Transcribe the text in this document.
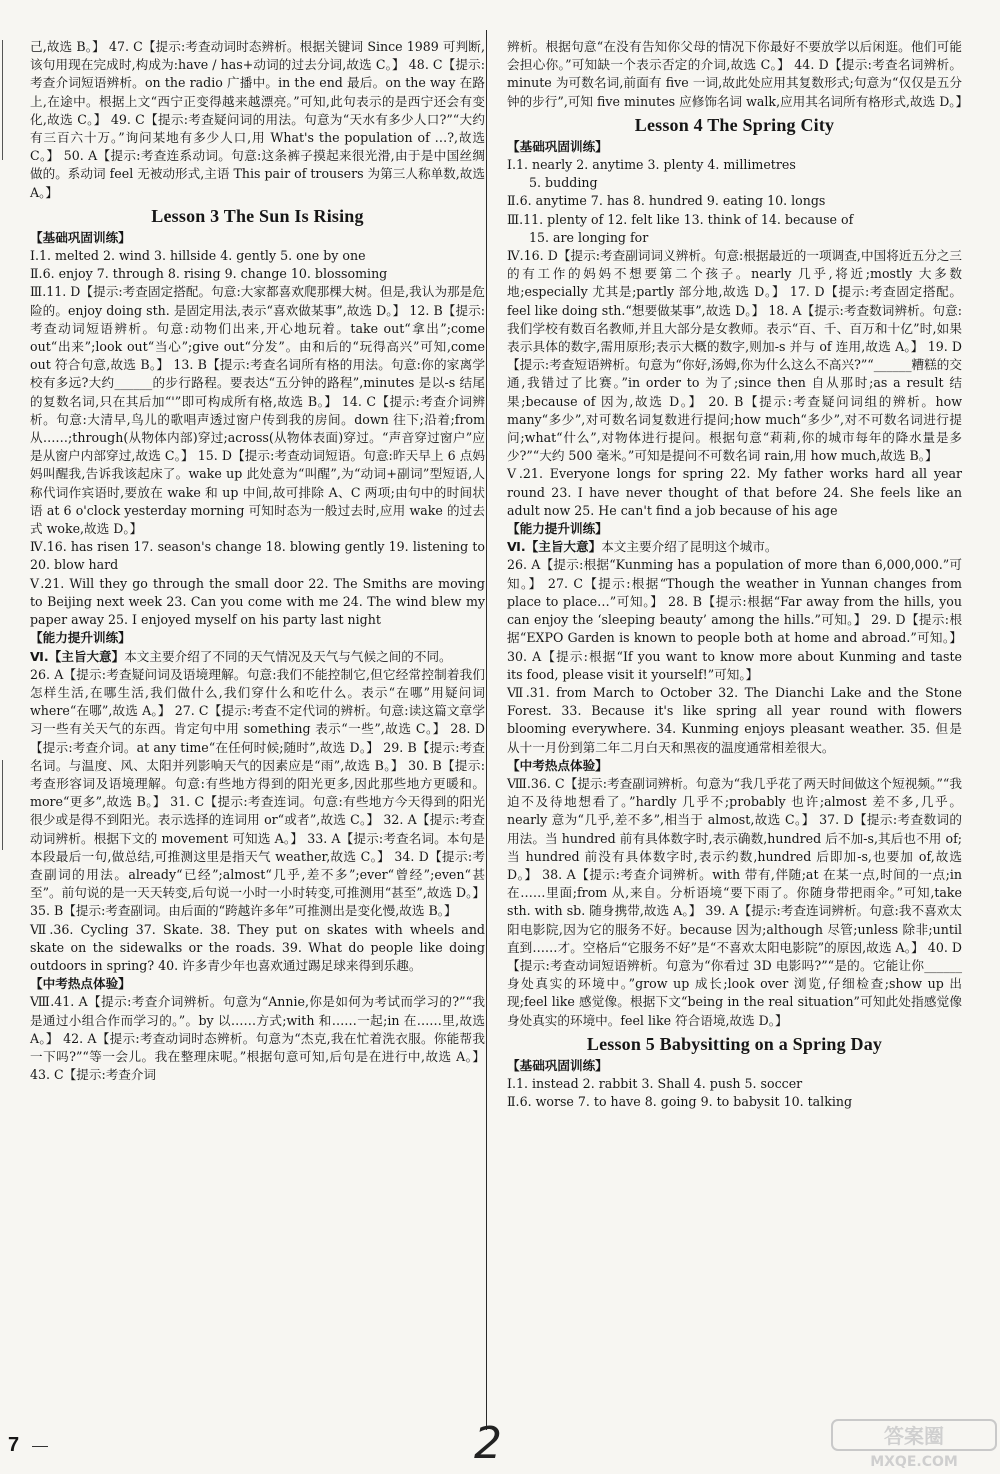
己,故选 B。】 47. C【提示:考查动词时态辨析。根据关键词 Since 1989 可判断,该句用现在完成时,构成为:have / has+动词的过去分词,故选 C。】 48. C【提示:考查介词短语辨析。on the radio 广播中。in the end 最后。on the way 在路上,在途中。根据上文“西宁正变得越来越漂亮。”可知,此句表示的是西宁还会有变化,故选 C。】 49. C【提示:考查疑问词的用法。句意为“天水有多少人口?”“大约有三百六十万。”询问某地有多少人口,用 What's the population of …?,故选 C。】 50. A【提示:考查连系动词。句意:这条裤子摸起来很光滑,由于是中国丝绸做的。系动词 feel 无被动形式,主语 This pair of trousers 为第三人称单数,故选 A。】

Lesson 3 The Sun Is Rising

【基础巩固训练】

Ⅰ.1. melted 2. wind 3. hillside 4. gently 5. one by one

Ⅱ.6. enjoy 7. through 8. rising 9. change 10. blossoming

Ⅲ.11. D【提示:考查固定搭配。句意:大家都喜欢爬那棵大树。但是,我认为那是危险的。enjoy doing sth. 是固定用法,表示“喜欢做某事”,故选 D。】 12. B【提示:考查动词短语辨析。句意:动物们出来,开心地玩着。take out“拿出”;come out“出来”;look out“当心”;give out“分发”。由和后的“玩得高兴”可知,come out 符合句意,故选 B。】 13. B【提示:考查名词所有格的用法。句意:你的家离学校有多远?大约______的步行路程。要表达“五分钟的路程”,minutes 是以-s 结尾的复数名词,只在其后加“'”即可构成所有格,故选 B。】 14. C【提示:考查介词辨析。句意:大清早,鸟儿的歌唱声透过窗户传到我的房间。down 往下;沿着;from 从……;through(从物体内部)穿过;across(从物体表面)穿过。“声音穿过窗户”应是从窗户内部穿过,故选 C。】 15. D【提示:考查动词短语。句意:昨天早上 6 点妈妈叫醒我,告诉我该起床了。wake up 此处意为“叫醒”,为“动词+副词”型短语,人称代词作宾语时,要放在 wake 和 up 中间,故可排除 A、C 两项;由句中的时间状语 at 6 o'clock yesterday morning 可知时态为一般过去时,应用 wake 的过去式 woke,故选 D。】

Ⅳ.16. has risen 17. season's change 18. blowing gently 19. listening to 20. blow hard

Ⅴ.21. Will they go through the small door 22. The Smiths are moving to Beijing next week 23. Can you come with me 24. The wind blew my paper away 25. I enjoyed myself on his party last night

【能力提升训练】

Ⅵ.【主旨大意】本文主要介绍了不同的天气情况及天气与气候之间的不同。

26. A【提示:考查疑问词及语境理解。句意:我们不能控制它,但它经常控制着我们怎样生活,在哪生活,我们做什么,我们穿什么和吃什么。表示“在哪”用疑问词 where“在哪”,故选 A。】 27. C【提示:考查不定代词的辨析。句意:读这篇文章学习一些有关天气的东西。肯定句中用 something 表示“一些”,故选 C。】 28. D【提示:考查介词。at any time“在任何时候;随时”,故选 D。】 29. B【提示:考查名词。与温度、风、太阳并列影响天气的因素应是“雨”,故选 B。】 30. B【提示:考查形容词及语境理解。句意:有些地方得到的阳光更多,因此那些地方更暖和。more“更多”,故选 B。】 31. C【提示:考查连词。句意:有些地方今天得到的阳光很少或是得不到阳光。表示选择的连词用 or“或者”,故选 C。】 32. A【提示:考查动词辨析。根据下文的 movement 可知选 A。】 33. A【提示:考查名词。本句是本段最后一句,做总结,可推测这里是指天气 weather,故选 C。】 34. D【提示:考查副词的用法。already“已经”;almost“几乎,差不多”;ever“曾经”;even“甚至”。前句说的是一天天转变,后句说一小时一小时转变,可推测用“甚至”,故选 D。】 35. B【提示:考查副词。由后面的“跨越许多年”可推测出是变化慢,故选 B。】

Ⅶ.36. Cycling 37. Skate. 38. They put on skates with wheels and skate on the sidewalks or the roads. 39. What do people like doing outdoors in spring? 40. 许多青少年也喜欢通过踢足球来得到乐趣。

【中考热点体验】

Ⅷ.41. A【提示:考查介词辨析。句意为“Annie,你是如何为考试而学习的?”“我是通过小组合作而学习的。”。by 以……方式;with 和……一起;in 在……里,故选 A。】 42. A【提示:考查动词时态辨析。句意为“杰克,我在忙着洗衣服。你能帮我一下吗?”“等一会儿。我在整理床呢。”根据句意可知,后句是在进行中,故选 A。】 43. C【提示:考查介词

辨析。根据句意“在没有告知你父母的情况下你最好不要放学以后闲逛。他们可能会担心你。”可知缺一个表示否定的介词,故选 C。】 44. D【提示:考查名词辨析。minute 为可数名词,前面有 five 一词,故此处应用其复数形式;句意为“仅仅是五分钟的步行”,可知 five minutes 应修饰名词 walk,应用其名词所有格形式,故选 D。】

Lesson 4 The Spring City

【基础巩固训练】

Ⅰ.1. nearly 2. anytime 3. plenty 4. millimetres

5. budding

Ⅱ.6. anytime 7. has 8. hundred 9. eating 10. longs

Ⅲ.11. plenty of 12. felt like 13. think of 14. because of

15. are longing for

Ⅳ.16. D【提示:考查副词词义辨析。句意:根据最近的一项调查,中国将近五分之三的有工作的妈妈不想要第二个孩子。nearly 几乎,将近;mostly 大多数地;especially 尤其是;partly 部分地,故选 D。】 17. D【提示:考查固定搭配。feel like doing sth.“想要做某事”,故选 D。】 18. A【提示:考查数词辨析。句意:我们学校有数百名教师,并且大部分是女教师。表示“百、千、百万和十亿”时,如果表示具体的数字,需用原形;表示大概的数字,则加-s 并与 of 连用,故选 A。】 19. D【提示:考查短语辨析。句意为“你好,汤姆,你为什么这么不高兴?”“______糟糕的交通,我错过了比赛。”in order to 为了;since then 自从那时;as a result 结果;because of 因为,故选 D。】 20. B【提示:考查疑问词组的辨析。how many“多少”,对可数名词复数进行提问;how much“多少”,对不可数名词进行提问;what“什么”,对物体进行提问。根据句意“莉莉,你的城市每年的降水量是多少?”“大约 500 毫米。”可知是提问不可数名词 rain,用 how much,故选 B。】

Ⅴ.21. Everyone longs for spring 22. My father works hard all year round 23. I have never thought of that before 24. She feels like an adult now 25. He can't find a job because of his age

【能力提升训练】

Ⅵ.【主旨大意】本文主要介绍了昆明这个城市。

26. A【提示:根据“Kunming has a population of more than 6,000,000.”可知。】 27. C【提示:根据“Though the weather in Yunnan changes from place to place…”可知。】 28. B【提示:根据“Far away from the hills, you can enjoy the ‘sleeping beauty’ among the hills.”可知。】 29. D【提示:根据“EXPO Garden is known to people both at home and abroad.”可知。】 30. A【提示:根据“If you want to know more about Kunming and taste its food, please visit it yourself!”可知。】

Ⅶ.31. from March to October 32. The Dianchi Lake and the Stone Forest. 33. Because it's like spring all year round with flowers blooming everywhere. 34. Kunming enjoys pleasant weather. 35. 但是从十一月份到第二年二月白天和黑夜的温度通常相差很大。

【中考热点体验】

Ⅷ.36. C【提示:考查副词辨析。句意为“我几乎花了两天时间做这个短视频。”“我迫不及待地想看了。”hardly 几乎不;probably 也许;almost 差不多,几乎。nearly 意为“几乎,差不多”,相当于 almost,故选 C。】 37. D【提示:考查数词的用法。当 hundred 前有具体数字时,表示确数,hundred 后不加-s,其后也不用 of;当 hundred 前没有具体数字时,表示约数,hundred 后即加-s,也要加 of,故选 D。】 38. A【提示:考查介词辨析。with 带有,伴随;at 在某一点,时间的一点;in 在……里面;from 从,来自。分析语境“要下雨了。你随身带把雨伞。”可知,take sth. with sb. 随身携带,故选 A。】 39. A【提示:考查连词辨析。句意:我不喜欢太阳电影院,因为它的服务不好。because 因为;although 尽管;unless 除非;until 直到……才。空格后“它服务不好”是“不喜欢太阳电影院”的原因,故选 A。】 40. D【提示:考查动词短语辨析。句意为“你看过 3D 电影吗?”“是的。它能让你______身处真实的环境中。”grow up 成长;look over 浏览,仔细检查;show up 出现;feel like 感觉像。根据下文“being in the real situation”可知此处指感觉像身处真实的环境中。feel like 符合语境,故选 D。】

Lesson 5 Babysitting on a Spring Day

【基础巩固训练】

Ⅰ.1. instead 2. rabbit 3. Shall 4. push 5. soccer

Ⅱ.6. worse 7. to have 8. going 9. to babysit 10. talking

7	2	答案圈
MXQE.COM
